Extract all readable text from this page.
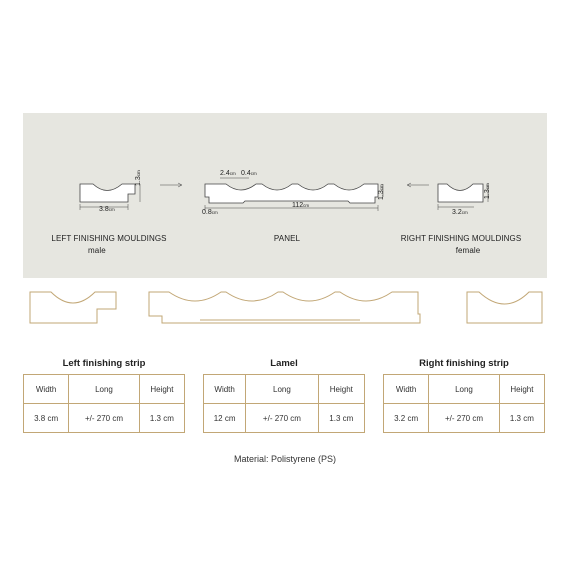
3.8cm
1.3cm	2.4cm 0.4cm
0.8cm
112cm
1.3cm
3.2cm
1.3cm
LEFT FINISHING MOULDINGS
male
PANEL	RIGHT FINISHING MOULDINGS
female
Left finishing strip	Lamel	Right finishing strip
Width	Long	Height
3.8 cm	+/- 270 cm	1.3 cm
Width	Long	Height
12 cm	+/- 270 cm	1.3 cm
Width	Long	Height
3.2 cm	+/- 270 cm	1.3 cm
Material: Polistyrene (PS)
